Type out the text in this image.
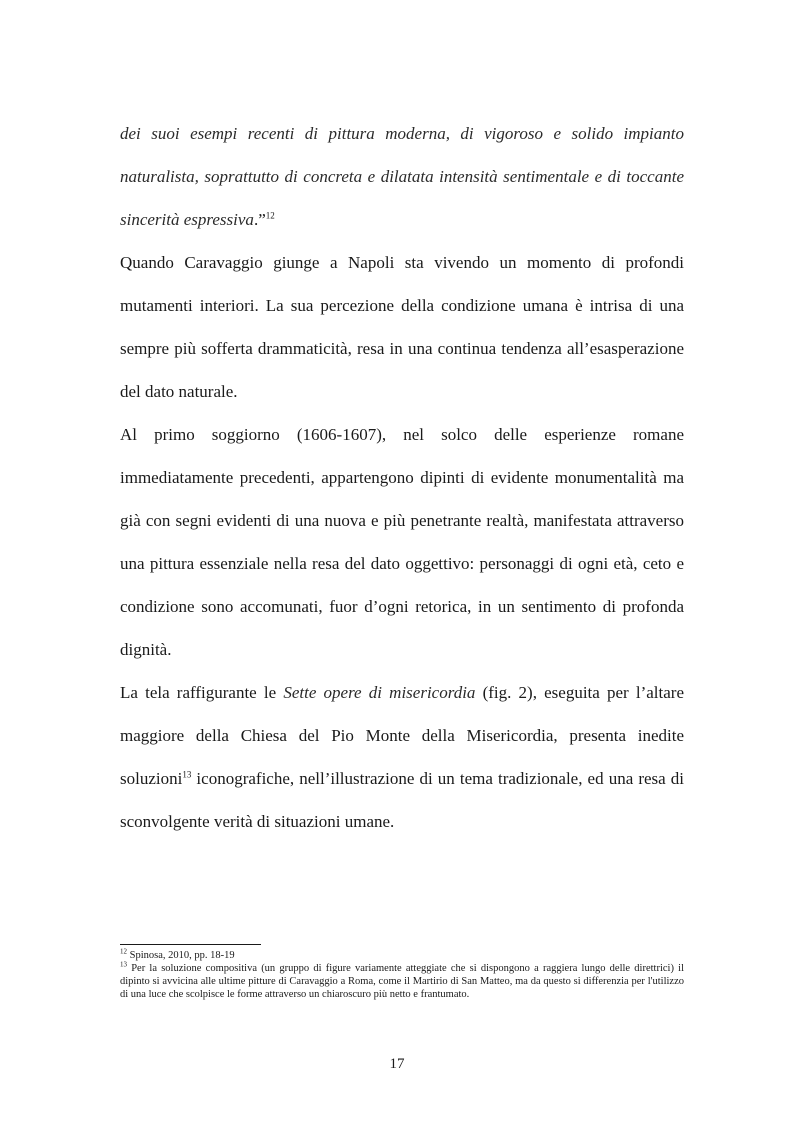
dei suoi esempi recenti di pittura moderna, di vigoroso e solido impianto naturalista, soprattutto di concreta e dilatata intensità sentimentale e di toccante sincerità espressiva.”$^{12}$

Quando Caravaggio giunge a Napoli sta vivendo un momento di profondi mutamenti interiori. La sua percezione della condizione umana è intrisa di una sempre più sofferta drammaticità, resa in una continua tendenza all’esasperazione del dato naturale.

Al primo soggiorno (1606-1607), nel solco delle esperienze romane immediatamente precedenti, appartengono dipinti di evidente monumentalità ma già con segni evidenti di una nuova e più penetrante realtà, manifestata attraverso una pittura essenziale nella resa del dato oggettivo: personaggi di ogni età, ceto e condizione sono accomunati, fuor d’ogni retorica, in un sentimento di profonda dignità.

La tela raffigurante le Sette opere di misericordia (fig. 2), eseguita per l’altare maggiore della Chiesa del Pio Monte della Misericordia, presenta inedite soluzioni$^{13}$ iconografiche, nell’illustrazione di un tema tradizionale, ed una resa di sconvolgente verità di situazioni umane.

$^{12}$ Spinosa, 2010, pp. 18-19

$^{13}$ Per la soluzione compositiva (un gruppo di figure variamente atteggiate che si dispongono a raggiera lungo delle direttrici) il dipinto si avvicina alle ultime pitture di Caravaggio a Roma, come il Martirio di San Matteo, ma da questo si differenzia per l'utilizzo di una luce che scolpisce le forme attraverso un chiaroscuro più netto e frantumato.

17
